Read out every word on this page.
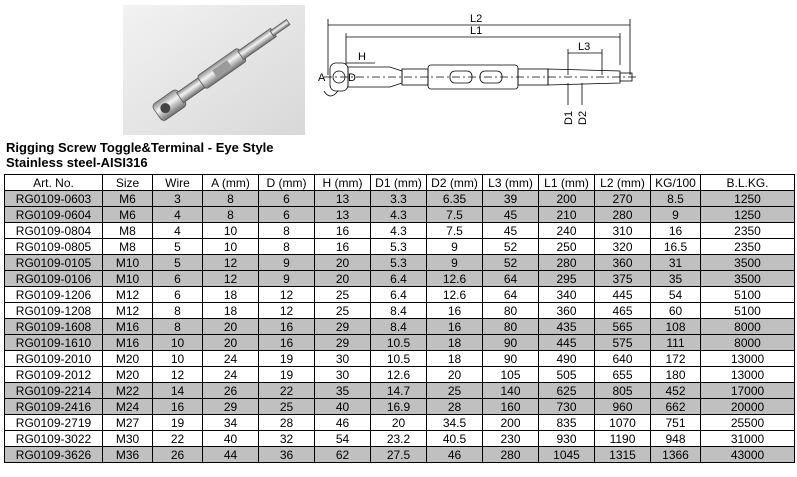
L2
L1
L3
H
A D
D1 D2
Rigging Screw Toggle&Terminal - Eye Style
Stainless steel-AISI316
Art. No.	Size	Wire	A (mm)	D (mm)	H (mm)	D1 (mm)	D2 (mm)	L3 (mm)	L1 (mm)	L2 (mm)	KG/100	B.L.KG.
RG0109-0603	M6	3	8	6	13	3.3	6.35	39	200	270	8.5	1250
RG0109-0604	M6	4	8	6	13	4.3	7.5	45	210	280	9	1250
RG0109-0804	M8	4	10	8	16	4.3	7.5	45	240	310	16	2350
RG0109-0805	M8	5	10	8	16	5.3	9	52	250	320	16.5	2350
RG0109-0105	M10	5	12	9	20	5.3	9	52	280	360	31	3500
RG0109-0106	M10	6	12	9	20	6.4	12.6	64	295	375	35	3500
RG0109-1206	M12	6	18	12	25	6.4	12.6	64	340	445	54	5100
RG0109-1208	M12	8	18	12	25	8.4	16	80	360	465	60	5100
RG0109-1608	M16	8	20	16	29	8.4	16	80	435	565	108	8000
RG0109-1610	M16	10	20	16	29	10.5	18	90	445	575	111	8000
RG0109-2010	M20	10	24	19	30	10.5	18	90	490	640	172	13000
RG0109-2012	M20	12	24	19	30	12.6	20	105	505	655	180	13000
RG0109-2214	M22	14	26	22	35	14.7	25	140	625	805	452	17000
RG0109-2416	M24	16	29	25	40	16.9	28	160	730	960	662	20000
RG0109-2719	M27	19	34	28	46	20	34.5	200	835	1070	751	25500
RG0109-3022	M30	22	40	32	54	23.2	40.5	230	930	1190	948	31000
RG0109-3626	M36	26	44	36	62	27.5	46	280	1045	1315	1366	43000
